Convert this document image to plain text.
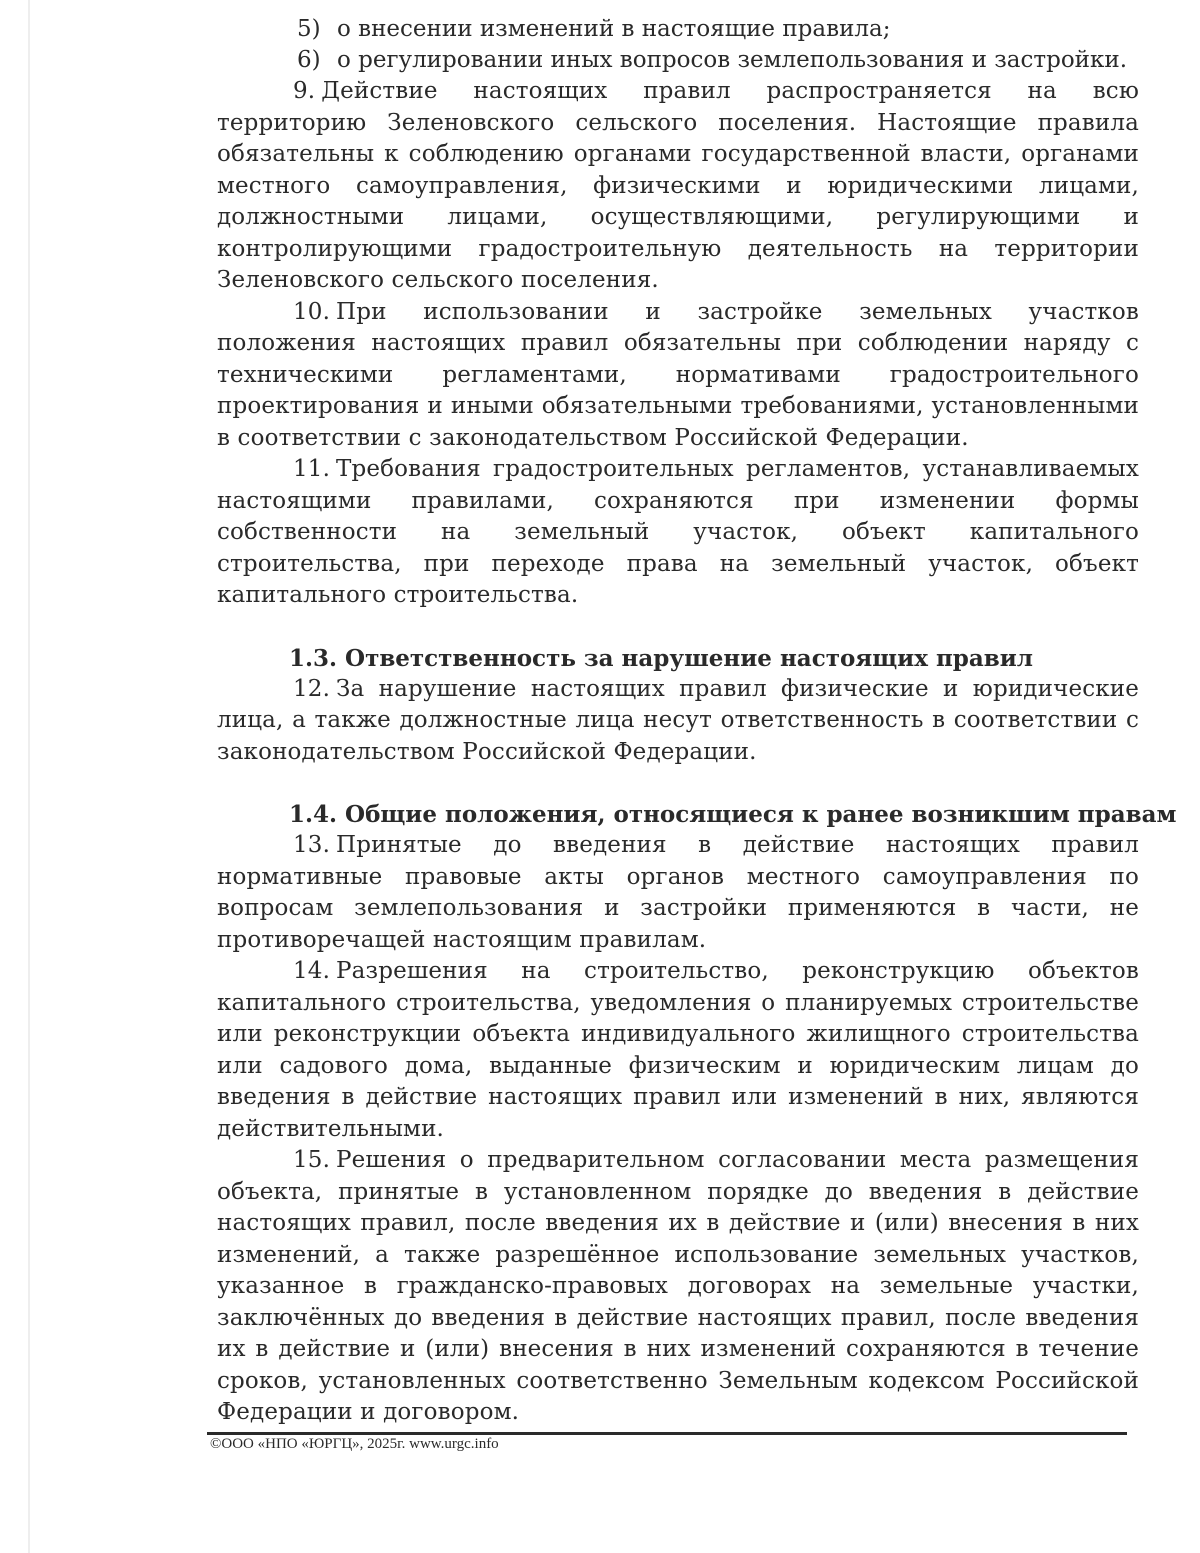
5) о внесении изменений в настоящие правила;
6) о регулировании иных вопросов землепользования и застройки.

9. Действие настоящих правил распространяется на всю территорию Зеленовского сельского поселения. Настоящие правила обязательны к соблюдению органами государственной власти, органами местного самоуправления, физическими и юридическими лицами, должностными лицами, осуществляющими, регулирующими и контролирующими градостроительную деятельность на территории Зеленовского сельского поселения.

10. При использовании и застройке земельных участков положения настоящих правил обязательны при соблюдении наряду с техническими регламентами, нормативами градостроительного проектирования и иными обязательными требованиями, установленными в соответствии с законодательством Российской Федерации.

11. Требования градостроительных регламентов, устанавливаемых настоящими правилами, сохраняются при изменении формы собственности на земельный участок, объект капитального строительства, при переходе права на земельный участок, объект капитального строительства.

1.3. Ответственность за нарушение настоящих правил

12. За нарушение настоящих правил физические и юридические лица, а также должностные лица несут ответственность в соответствии с законодательством Российской Федерации.

1.4. Общие положения, относящиеся к ранее возникшим правам

13. Принятые до введения в действие настоящих правил нормативные правовые акты органов местного самоуправления по вопросам землепользования и застройки применяются в части, не противоречащей настоящим правилам.

14. Разрешения на строительство, реконструкцию объектов капитального строительства, уведомления о планируемых строительстве или реконструкции объекта индивидуального жилищного строительства или садового дома, выданные физическим и юридическим лицам до введения в действие настоящих правил или изменений в них, являются действительными.

15. Решения о предварительном согласовании места размещения объекта, принятые в установленном порядке до введения в действие настоящих правил, после введения их в действие и (или) внесения в них изменений, а также разрешённое использование земельных участков, указанное в гражданско-правовых договорах на земельные участки, заключённых до введения в действие настоящих правил, после введения их в действие и (или) внесения в них изменений сохраняются в течение сроков, установленных соответственно Земельным кодексом Российской Федерации и договором.

©ООО «НПО «ЮРГЦ», 2025г. www.urgc.info
